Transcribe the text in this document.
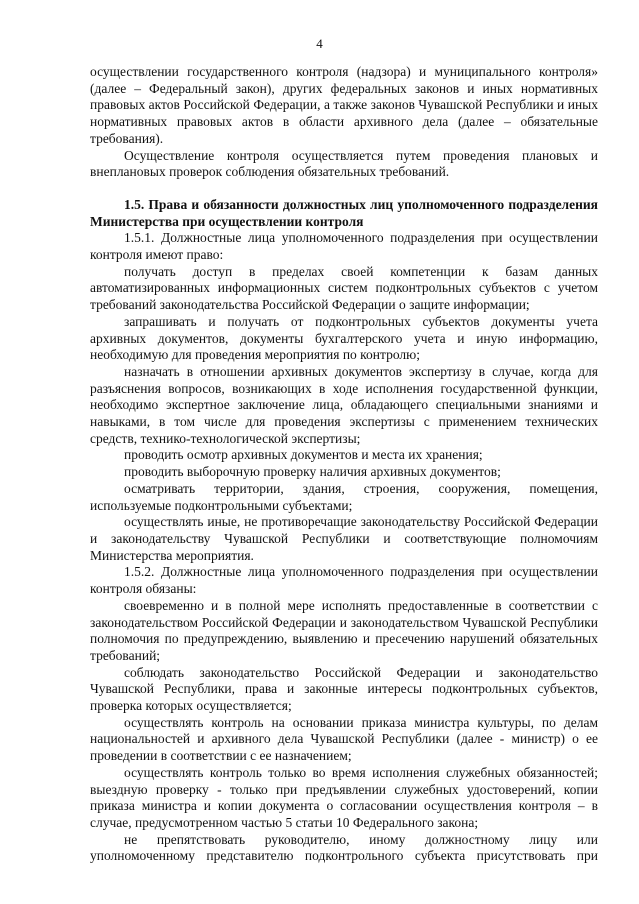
4

осуществлении государственного контроля (надзора) и муниципального контроля» (далее – Федеральный закон), других федеральных законов и иных нормативных правовых актов Российской Федерации, а также законов Чувашской Республики и иных нормативных правовых актов в области архивного дела (далее – обязательные требования).

Осуществление контроля осуществляется путем проведения плановых и внеплановых проверок соблюдения обязательных требований.

1.5. Права и обязанности должностных лиц уполномоченного подразделения Министерства при осуществлении контроля

1.5.1. Должностные лица уполномоченного подразделения при осуществлении контроля имеют право:

получать доступ в пределах своей компетенции к базам данных автоматизированных информационных систем подконтрольных субъектов с учетом требований законодательства Российской Федерации о защите информации;

запрашивать и получать от подконтрольных субъектов документы учета архивных документов, документы бухгалтерского учета и иную информацию, необходимую для проведения мероприятия по контролю;

назначать в отношении архивных документов экспертизу в случае, когда для разъяснения вопросов, возникающих в ходе исполнения государственной функции, необходимо экспертное заключение лица, обладающего специальными знаниями и навыками, в том числе для проведения экспертизы с применением технических средств, технико-технологической экспертизы;

проводить осмотр архивных документов и места их хранения;

проводить выборочную проверку наличия архивных документов;

осматривать территории, здания, строения, сооружения, помещения, используемые подконтрольными субъектами;

осуществлять иные, не противоречащие законодательству Российской Федерации и законодательству Чувашской Республики и соответствующие полномочиям Министерства мероприятия.

1.5.2. Должностные лица уполномоченного подразделения при осуществлении контроля обязаны:

своевременно и в полной мере исполнять предоставленные в соответствии с законодательством Российской Федерации и законодательством Чувашской Республики полномочия по предупреждению, выявлению и пресечению нарушений обязательных требований;

соблюдать законодательство Российской Федерации и законодательство Чувашской Республики, права и законные интересы подконтрольных субъектов, проверка которых осуществляется;

осуществлять контроль на основании приказа министра культуры, по делам национальностей и архивного дела Чувашской Республики (далее - министр) о ее проведении в соответствии с ее назначением;

осуществлять контроль только во время исполнения служебных обязанностей; выездную проверку - только при предъявлении служебных удостоверений, копии приказа министра и копии документа о согласовании осуществления контроля – в случае, предусмотренном частью 5 статьи 10 Федерального закона;

не препятствовать руководителю, иному должностному лицу или уполномоченному представителю подконтрольного субъекта присутствовать при
